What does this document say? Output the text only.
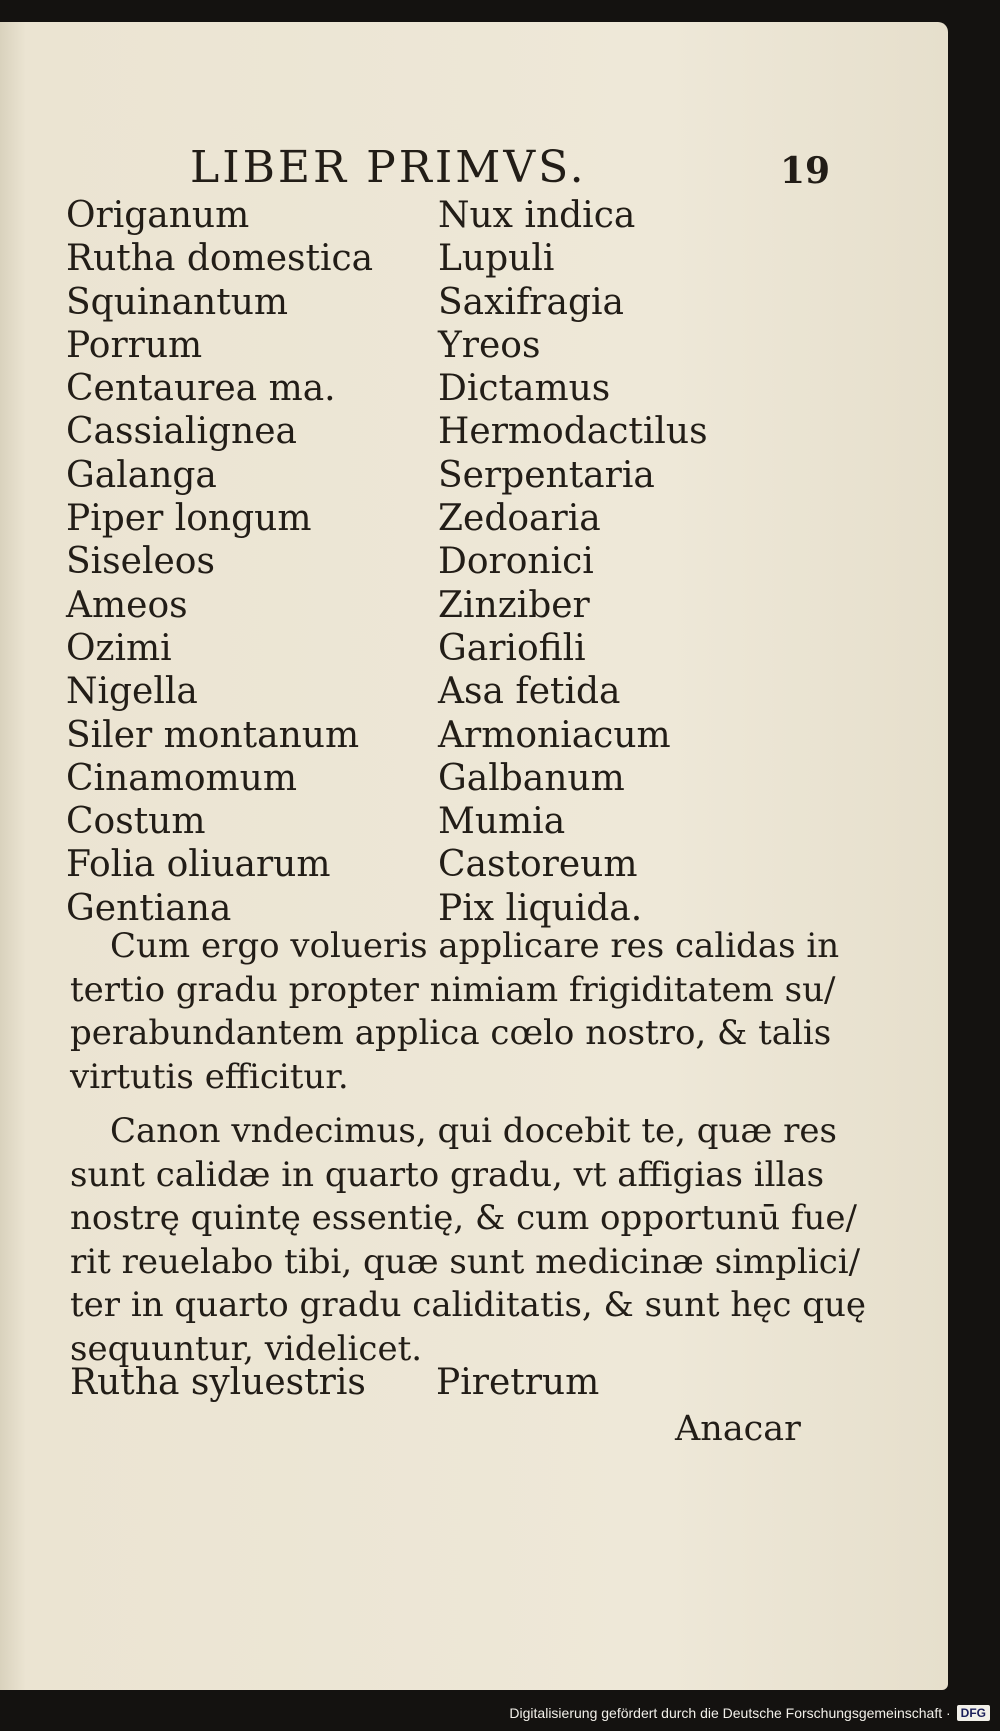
LIBER PRIMVS.	19
Origanum
Rutha domestica
Squinantum
Porrum
Centaurea ma.
Cassialignea
Galanga
Piper longum
Siseleos
Ameos
Ozimi
Nigella
Siler montanum
Cinamomum
Costum
Folia oliuarum
Gentiana
Nux indica
Lupuli
Saxifragia
Yreos
Dictamus
Hermodactilus
Serpentaria
Zedoaria
Doronici
Zinziber
Gariofili
Asa fetida
Armoniacum
Galbanum
Mumia
Castoreum
Pix liquida.
Cum ergo volueris applicare res calidas in
tertio gradu propter nimiam frigiditatem su/
perabundantem applica cœlo nostro, & talis
virtutis efficitur.
Canon vndecimus, qui docebit te, quæ res
sunt calidæ in quarto gradu, vt affigias illas
nostrę quintę essentię, & cum opportunū fue/
rit reuelabo tibi, quæ sunt medicinæ simplici/
ter in quarto gradu caliditatis, & sunt hęc quę
sequuntur, videlicet.
Rutha syluestris Piretrum
Anacar
Digitalisierung gefördert durch die Deutsche Forschungsgemeinschaft · DFG
